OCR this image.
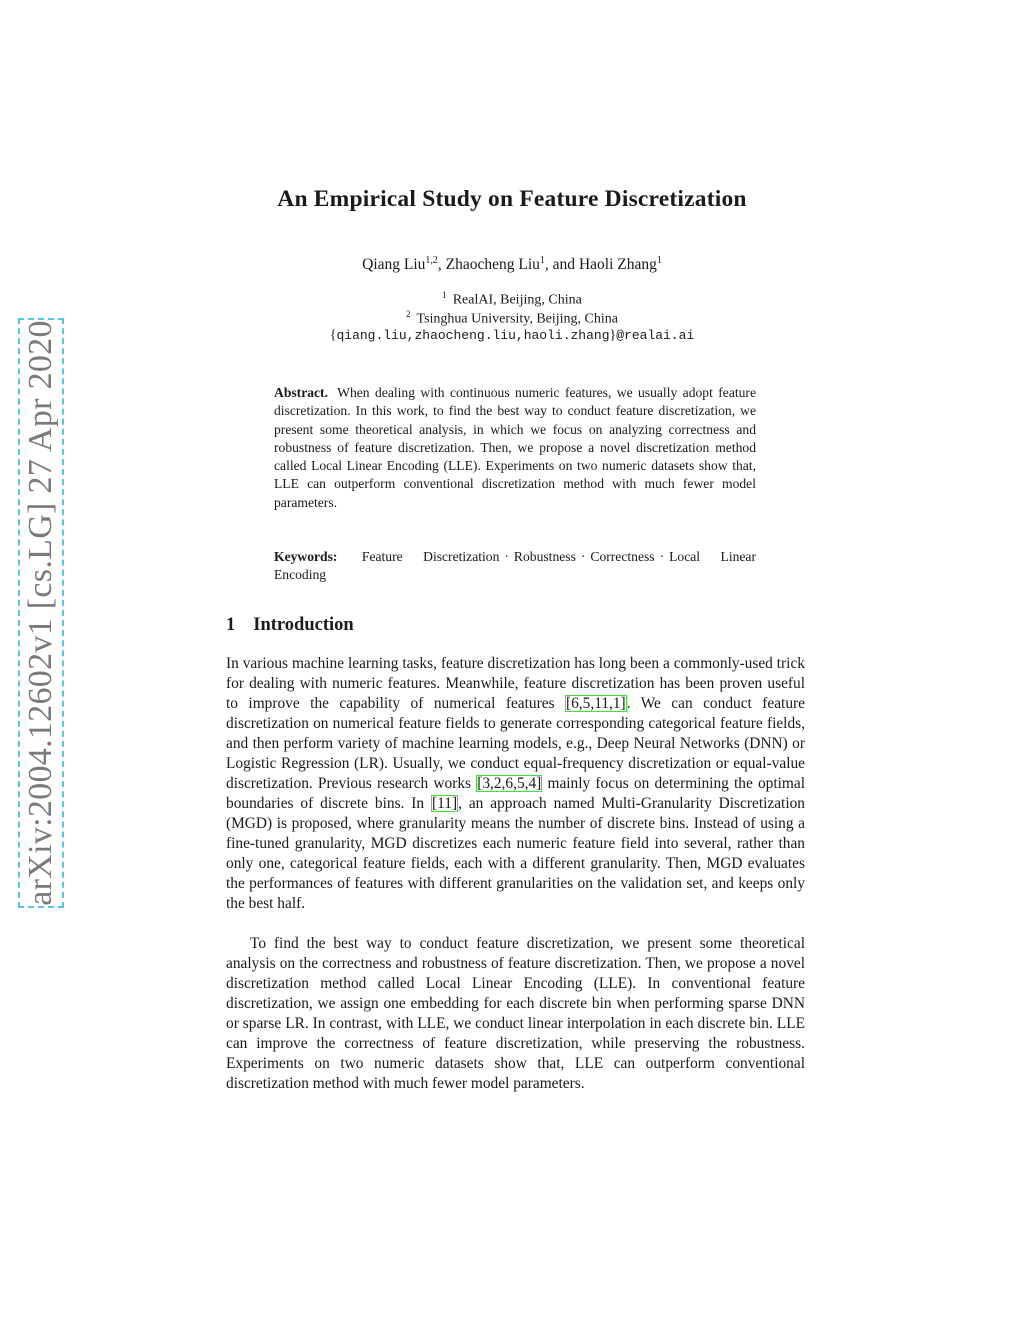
arXiv:2004.12602v1 [cs.LG] 27 Apr 2020
An Empirical Study on Feature Discretization
Qiang Liu$^{1,2}$, Zhaocheng Liu$^1$, and Haoli Zhang$^1$
$^1$ RealAI, Beijing, China
$^2$ Tsinghua University, Beijing, China
{qiang.liu,zhaocheng.liu,haoli.zhang}@realai.ai
Abstract. When dealing with continuous numeric features, we usually adopt feature discretization. In this work, to find the best way to conduct feature discretization, we present some theoretical analysis, in which we focus on analyzing correctness and robustness of feature discretization. Then, we propose a novel discretization method called Local Linear Encoding (LLE). Experiments on two numeric datasets show that, LLE can outperform conventional discretization method with much fewer model parameters.
Keywords: Feature Discretization · Robustness · Correctness · Local Linear Encoding
1 Introduction
In various machine learning tasks, feature discretization has long been a commonly-used trick for dealing with numeric features. Meanwhile, feature discretization has been proven useful to improve the capability of numerical features [6,5,11,1]. We can conduct feature discretization on numerical feature fields to generate corresponding categorical feature fields, and then perform variety of machine learning models, e.g., Deep Neural Networks (DNN) or Logistic Regression (LR). Usually, we conduct equal-frequency discretization or equal-value discretization. Previous research works [3,2,6,5,4] mainly focus on determining the optimal boundaries of discrete bins. In [11], an approach named Multi-Granularity Discretization (MGD) is proposed, where granularity means the number of discrete bins. Instead of using a fine-tuned granularity, MGD discretizes each numeric feature field into several, rather than only one, categorical feature fields, each with a different granularity. Then, MGD evaluates the performances of features with different granularities on the validation set, and keeps only the best half.
To find the best way to conduct feature discretization, we present some theoretical analysis on the correctness and robustness of feature discretization. Then, we propose a novel discretization method called Local Linear Encoding (LLE). In conventional feature discretization, we assign one embedding for each discrete bin when performing sparse DNN or sparse LR. In contrast, with LLE, we conduct linear interpolation in each discrete bin. LLE can improve the correctness of feature discretization, while preserving the robustness. Experiments on two numeric datasets show that, LLE can outperform conventional discretization method with much fewer model parameters.
